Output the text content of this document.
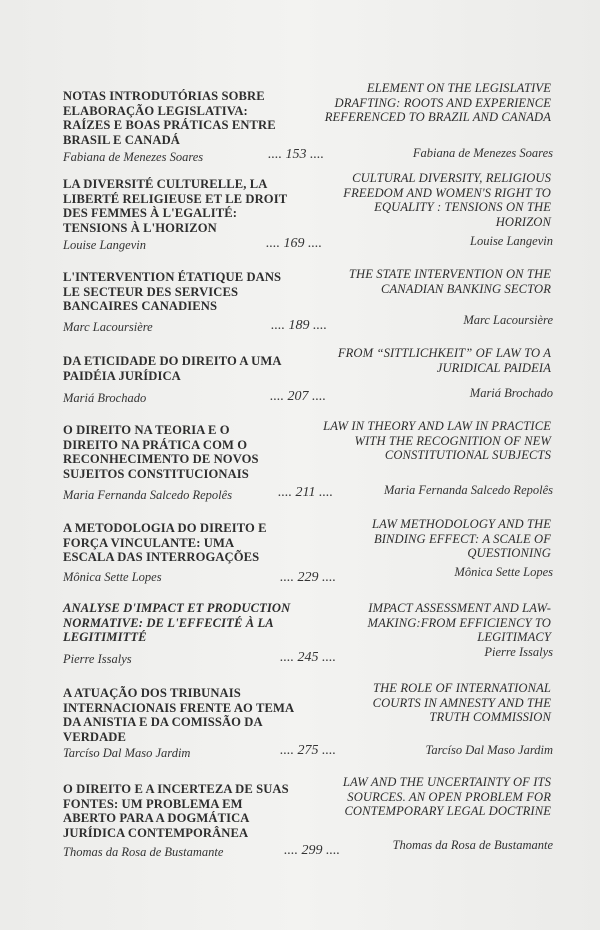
NOTAS INTRODUTÓRIAS SOBRE ELABORAÇÃO LEGISLATIVA: RAÍZES E BOAS PRÁTICAS ENTRE BRASIL E CANADÁ
ELEMENT ON THE LEGISLATIVE DRAFTING: ROOTS AND EXPERIENCE REFERENCED TO BRAZIL AND CANADA
Fabiana de Menezes Soares	.... 153 ....	Fabiana de Menezes Soares
LA DIVERSITÉ CULTURELLE, LA LIBERTÉ RELIGIEUSE ET LE DROIT DES FEMMES À L'EGALITÉ: TENSIONS À L'HORIZON
CULTURAL DIVERSITY, RELIGIOUS FREEDOM AND WOMEN'S RIGHT TO EQUALITY : TENSIONS ON THE HORIZON
Louise Langevin	.... 169 ....	Louise Langevin
L'INTERVENTION ÉTATIQUE DANS LE SECTEUR DES SERVICES BANCAIRES CANADIENS
THE STATE INTERVENTION ON THE CANADIAN BANKING SECTOR
Marc Lacoursière	.... 189 ....	Marc Lacoursière
DA ETICIDADE DO DIREITO A UMA PAIDÉIA JURÍDICA
FROM “SITTLICHKEIT” OF LAW TO A JURIDICAL PAIDEIA
Mariá Brochado	.... 207 ....	Mariá Brochado
O DIREITO NA TEORIA E O DIREITO NA PRÁTICA COM O RECONHECIMENTO DE NOVOS SUJEITOS CONSTITUCIONAIS
LAW IN THEORY AND LAW IN PRACTICE WITH THE RECOGNITION OF NEW CONSTITUTIONAL SUBJECTS
Maria Fernanda Salcedo Repolês	.... 211 ....	Maria Fernanda Salcedo Repolês
A METODOLOGIA DO DIREITO E FORÇA VINCULANTE: UMA ESCALA DAS INTERROGAÇÕES
LAW METHODOLOGY AND THE BINDING EFFECT: A SCALE OF QUESTIONING
Mônica Sette Lopes	.... 229 ....	Mônica Sette Lopes
ANALYSE D'IMPACT ET PRODUCTION NORMATIVE: DE L'EFFECITÉ À LA LEGITIMITTÉ
IMPACT ASSESSMENT AND LAW-MAKING:FROM EFFICIENCY TO LEGITIMACY
Pierre Issalys	.... 245 ....	Pierre Issalys
A ATUAÇÃO DOS TRIBUNAIS INTERNACIONAIS FRENTE AO TEMA DA ANISTIA E DA COMISSÃO DA VERDADE
THE ROLE OF INTERNATIONAL COURTS IN AMNESTY AND THE TRUTH COMMISSION
Tarcíso Dal Maso Jardim	.... 275 ....	Tarcíso Dal Maso Jardim
O DIREITO E A INCERTEZA DE SUAS FONTES: UM PROBLEMA EM ABERTO PARA A DOGMÁTICA JURÍDICA CONTEMPORÂNEA
LAW AND THE UNCERTAINTY OF ITS SOURCES. AN OPEN PROBLEM FOR CONTEMPORARY LEGAL DOCTRINE
Thomas da Rosa de Bustamante	.... 299 ....	Thomas da Rosa de Bustamante
